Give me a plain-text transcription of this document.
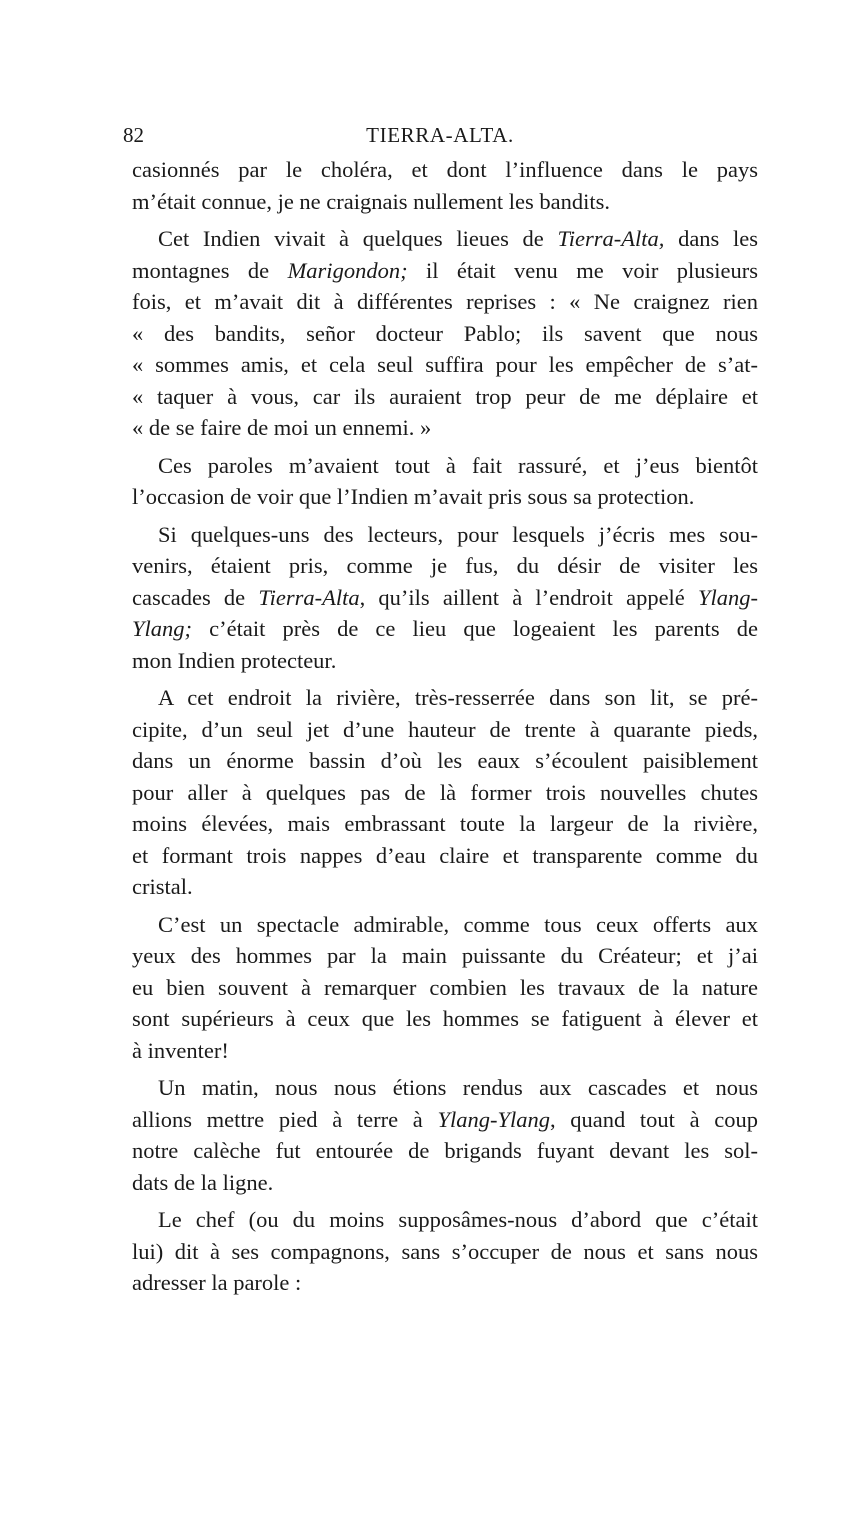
82	TIERRA-ALTA.
casionnés par le choléra, et dont l’influence dans le pays
m’était connue, je ne craignais nullement les bandits.
Cet Indien vivait à quelques lieues de Tierra-Alta, dans les
montagnes de Marigondon; il était venu me voir plusieurs
fois, et m’avait dit à différentes reprises : « Ne craignez rien
« des bandits, señor docteur Pablo; ils savent que nous
« sommes amis, et cela seul suffira pour les empêcher de s’at-
« taquer à vous, car ils auraient trop peur de me déplaire et
« de se faire de moi un ennemi. »
Ces paroles m’avaient tout à fait rassuré, et j’eus bientôt
l’occasion de voir que l’Indien m’avait pris sous sa protection.
Si quelques-uns des lecteurs, pour lesquels j’écris mes sou-
venirs, étaient pris, comme je fus, du désir de visiter les
cascades de Tierra-Alta, qu’ils aillent à l’endroit appelé Ylang-
Ylang; c’était près de ce lieu que logeaient les parents de
mon Indien protecteur.
A cet endroit la rivière, très-resserrée dans son lit, se pré-
cipite, d’un seul jet d’une hauteur de trente à quarante pieds,
dans un énorme bassin d’où les eaux s’écoulent paisiblement
pour aller à quelques pas de là former trois nouvelles chutes
moins élevées, mais embrassant toute la largeur de la rivière,
et formant trois nappes d’eau claire et transparente comme du
cristal.
C’est un spectacle admirable, comme tous ceux offerts aux
yeux des hommes par la main puissante du Créateur; et j’ai
eu bien souvent à remarquer combien les travaux de la nature
sont supérieurs à ceux que les hommes se fatiguent à élever et
à inventer!
Un matin, nous nous étions rendus aux cascades et nous
allions mettre pied à terre à Ylang-Ylang, quand tout à coup
notre calèche fut entourée de brigands fuyant devant les sol-
dats de la ligne.
Le chef (ou du moins supposâmes-nous d’abord que c’était
lui) dit à ses compagnons, sans s’occuper de nous et sans nous
adresser la parole :
